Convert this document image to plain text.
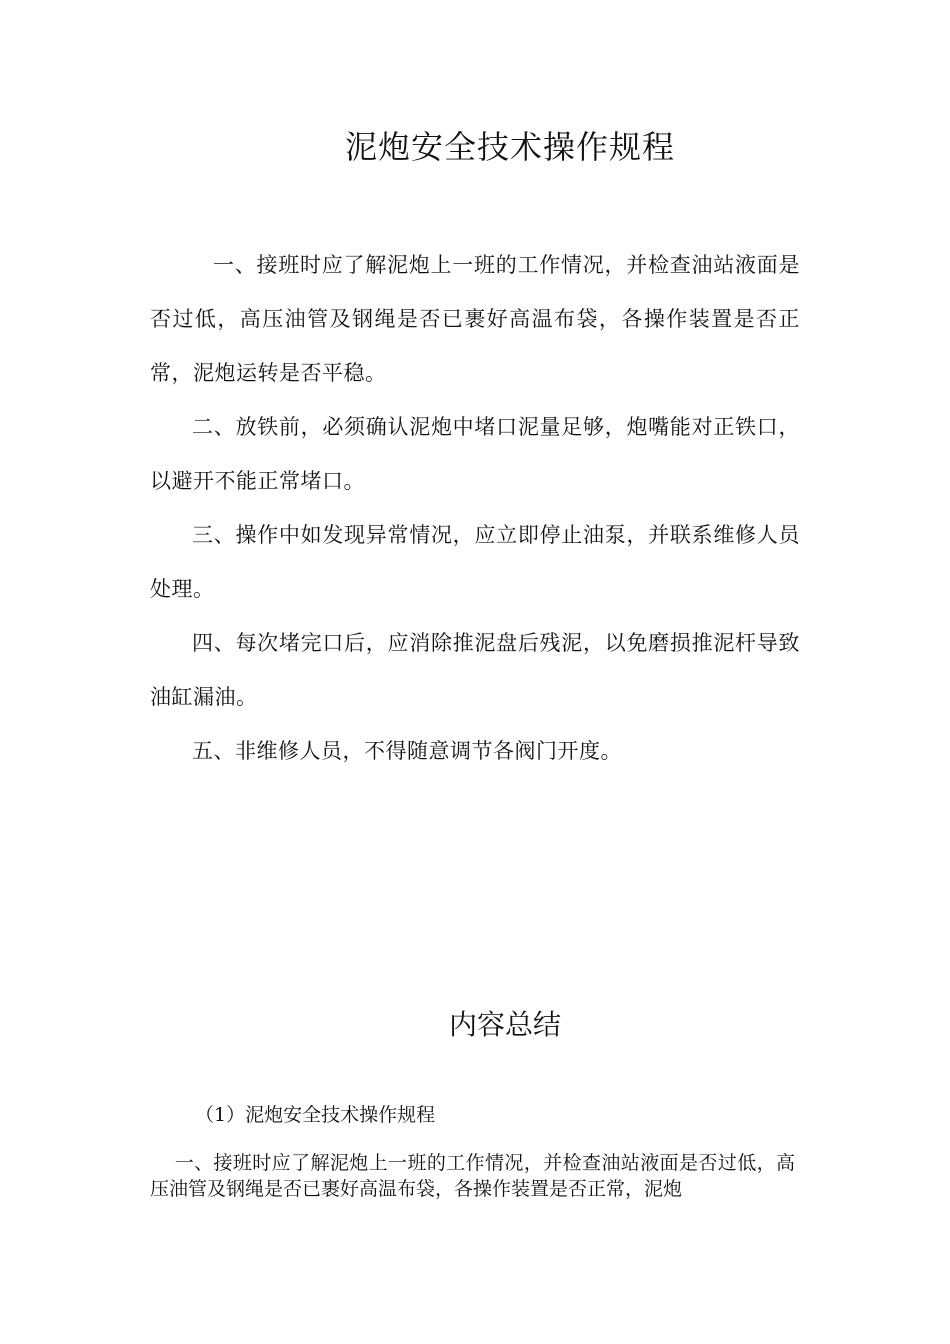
泥炮安全技术操作规程

一、接班时应了解泥炮上一班的工作情况，并检查油站液面是否过低，高压油管及钢绳是否已裹好高温布袋，各操作装置是否正常，泥炮运转是否平稳。

二、放铁前，必须确认泥炮中堵口泥量足够，炮嘴能对正铁口，以避开不能正常堵口。

三、操作中如发现异常情况，应立即停止油泵，并联系维修人员处理。

四、每次堵完口后，应消除推泥盘后残泥，以免磨损推泥杆导致油缸漏油。

五、非维修人员，不得随意调节各阀门开度。

内容总结

（1）泥炮安全技术操作规程

一、接班时应了解泥炮上一班的工作情况，并检查油站液面是否过低，高压油管及钢绳是否已裹好高温布袋，各操作装置是否正常，泥炮
